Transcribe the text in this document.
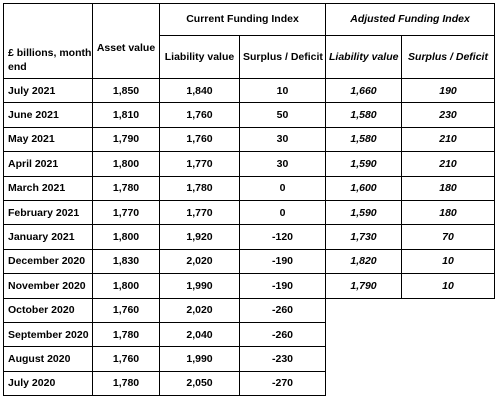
£ billions, month end	Asset value	Current Funding Index		Adjusted Funding Index	
		Liability value	Surplus / Deficit	Liability value	Surplus / Deficit
July 2021	1,850	1,840	10	1,660	190
June 2021	1,810	1,760	50	1,580	230
May 2021	1,790	1,760	30	1,580	210
April 2021	1,800	1,770	30	1,590	210
March 2021	1,780	1,780	0	1,600	180
February 2021	1,770	1,770	0	1,590	180
January 2021	1,800	1,920	-120	1,730	70
December 2020	1,830	2,020	-190	1,820	10
November 2020	1,800	1,990	-190	1,790	10
October 2020	1,760	2,020	-260		
September 2020	1,780	2,040	-260		
August 2020	1,760	1,990	-230		
July 2020	1,780	2,050	-270		
